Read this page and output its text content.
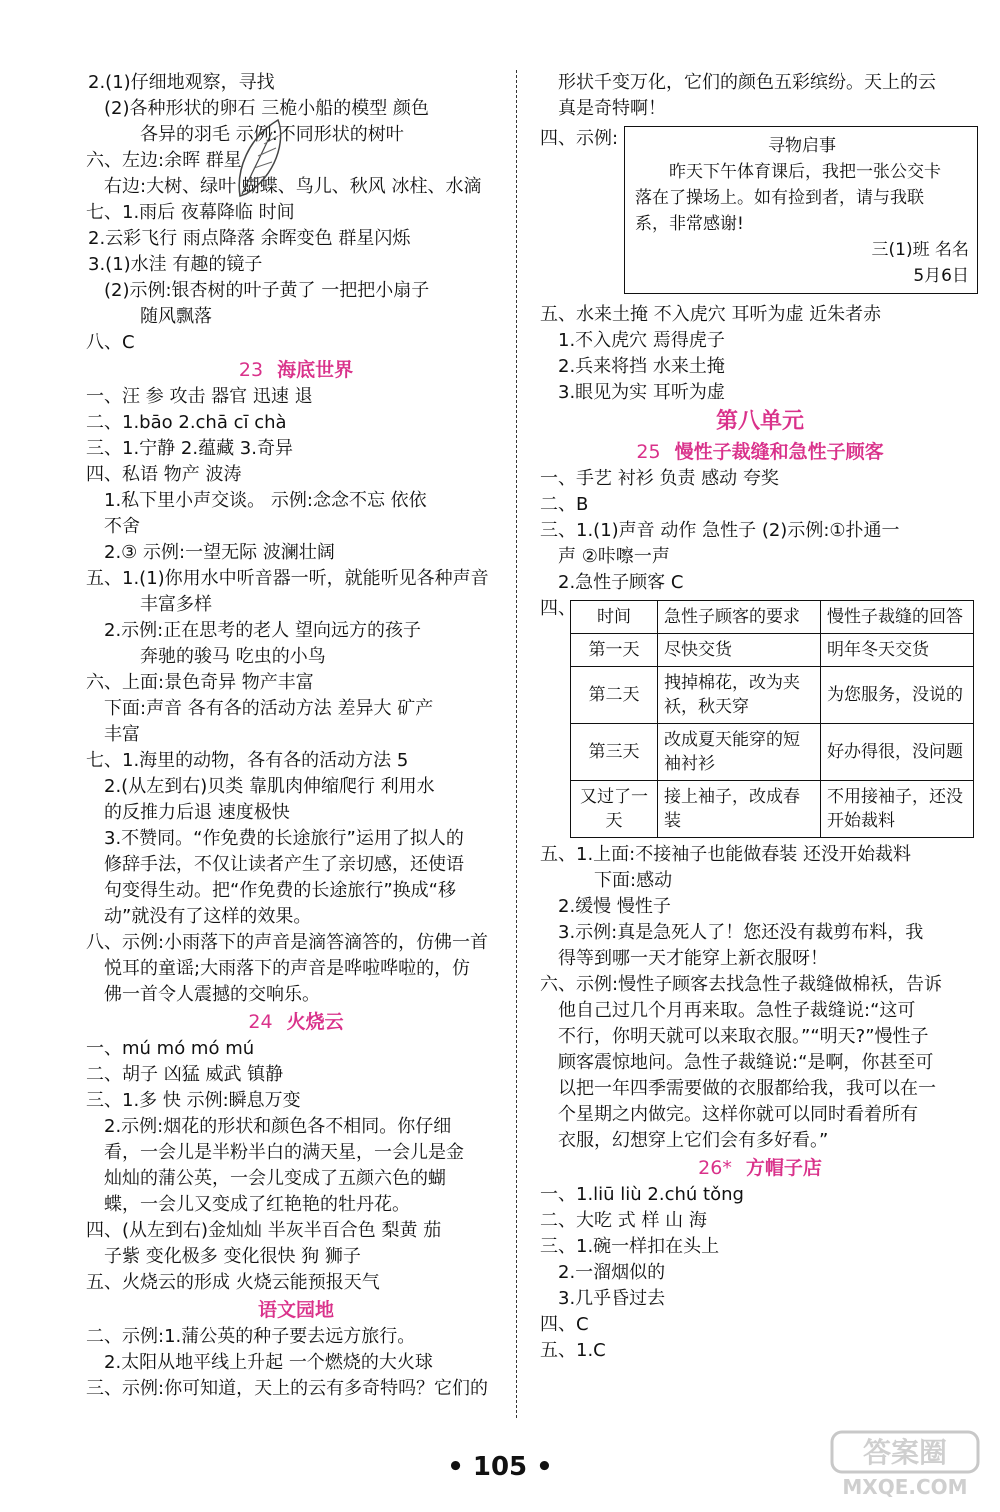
2.(1)仔细地观察，寻找
(2)各种形状的卵石 三桅小船的模型 颜色
各异的羽毛 示例:不同形状的树叶
六、左边:余晖 群星
右边:大树、绿叶 蝴蝶、鸟儿、秋风 冰柱、水滴
七、1.雨后 夜幕降临 时间
2.云彩飞行 雨点降落 余晖变色 群星闪烁
3.(1)水洼 有趣的镜子
(2)示例:银杏树的叶子黄了 一把把小扇子
随风飘落
八、C
23 海底世界
一、汪 参 攻击 器官 迅速 退
二、1.bāo 2.chā cī chà
三、1.宁静 2.蕴藏 3.奇异
四、私语 物产 波涛
1.私下里小声交谈。 示例:念念不忘 依依
不舍
2.③ 示例:一望无际 波澜壮阔
五、1.(1)你用水中听音器一听，就能听见各种声音
丰富多样
2.示例:正在思考的老人 望向远方的孩子
奔驰的骏马 吃虫的小鸟
六、上面:景色奇异 物产丰富
下面:声音 各有各的活动方法 差异大 矿产
丰富
七、1.海里的动物，各有各的活动方法 5
2.(从左到右)贝类 靠肌肉伸缩爬行 利用水
的反推力后退 速度极快
3.不赞同。“作免费的长途旅行”运用了拟人的
修辞手法，不仅让读者产生了亲切感，还使语
句变得生动。把“作免费的长途旅行”换成“移
动”就没有了这样的效果。
八、示例:小雨落下的声音是滴答滴答的，仿佛一首
悦耳的童谣;大雨落下的声音是哗啦哗啦的，仿
佛一首令人震撼的交响乐。
24 火烧云
一、mú mó mó mú
二、胡子 凶猛 威武 镇静
三、1.多 快 示例:瞬息万变
2.示例:烟花的形状和颜色各不相同。你仔细
看，一会儿是半粉半白的满天星，一会儿是金
灿灿的蒲公英，一会儿变成了五颜六色的蝴
蝶，一会儿又变成了红艳艳的牡丹花。
四、(从左到右)金灿灿 半灰半百合色 梨黄 茄
子紫 变化极多 变化很快 狗 狮子
五、火烧云的形成 火烧云能预报天气
语文园地
二、示例:1.蒲公英的种子要去远方旅行。
2.太阳从地平线上升起 一个燃烧的大火球
三、示例:你可知道，天上的云有多奇特吗？它们的
形状千变万化，它们的颜色五彩缤纷。天上的云
真是奇特啊！
四、示例:	寻物启事
昨天下午体育课后，我把一张公交卡
落在了操场上。如有捡到者，请与我联
系，非常感谢!
三(1)班 名名
5月6日
五、水来土掩 不入虎穴 耳听为虚 近朱者赤
1.不入虎穴 焉得虎子
2.兵来将挡 水来土掩
3.眼见为实 耳听为虚
第八单元
25 慢性子裁缝和急性子顾客
一、手艺 衬衫 负责 感动 夸奖
二、B
三、1.(1)声音 动作 急性子 (2)示例:①扑通一
声 ②咔嚓一声
2.急性子顾客 C
四、 时间	急性子顾客的要求	慢性子裁缝的回答
第一天	尽快交货	明年冬天交货
第二天	拽掉棉花，改为夹袄，秋天穿	为您服务，没说的
第三天	改成夏天能穿的短袖衬衫	好办得很，没问题
又过了一天	接上袖子，改成春装	不用接袖子，还没开始裁料
五、1.上面:不接袖子也能做春装 还没开始裁料
下面:感动
2.缓慢 慢性子
3.示例:真是急死人了！您还没有裁剪布料，我
得等到哪一天才能穿上新衣服呀！
六、示例:慢性子顾客去找急性子裁缝做棉袄，告诉
他自己过几个月再来取。急性子裁缝说:“这可
不行，你明天就可以来取衣服。”“明天?”慢性子
顾客震惊地问。急性子裁缝说:“是啊，你甚至可
以把一年四季需要做的衣服都给我，我可以在一
个星期之内做完。这样你就可以同时看着所有
衣服，幻想穿上它们会有多好看。”
26* 方帽子店
一、1.liū liù 2.chú tǒng
二、大吃 式 样 山 海
三、1.碗一样扣在头上
2.一溜烟似的
3.几乎昏过去
四、C
五、1.C
• 105 •	答案圈
MXQE.COM
